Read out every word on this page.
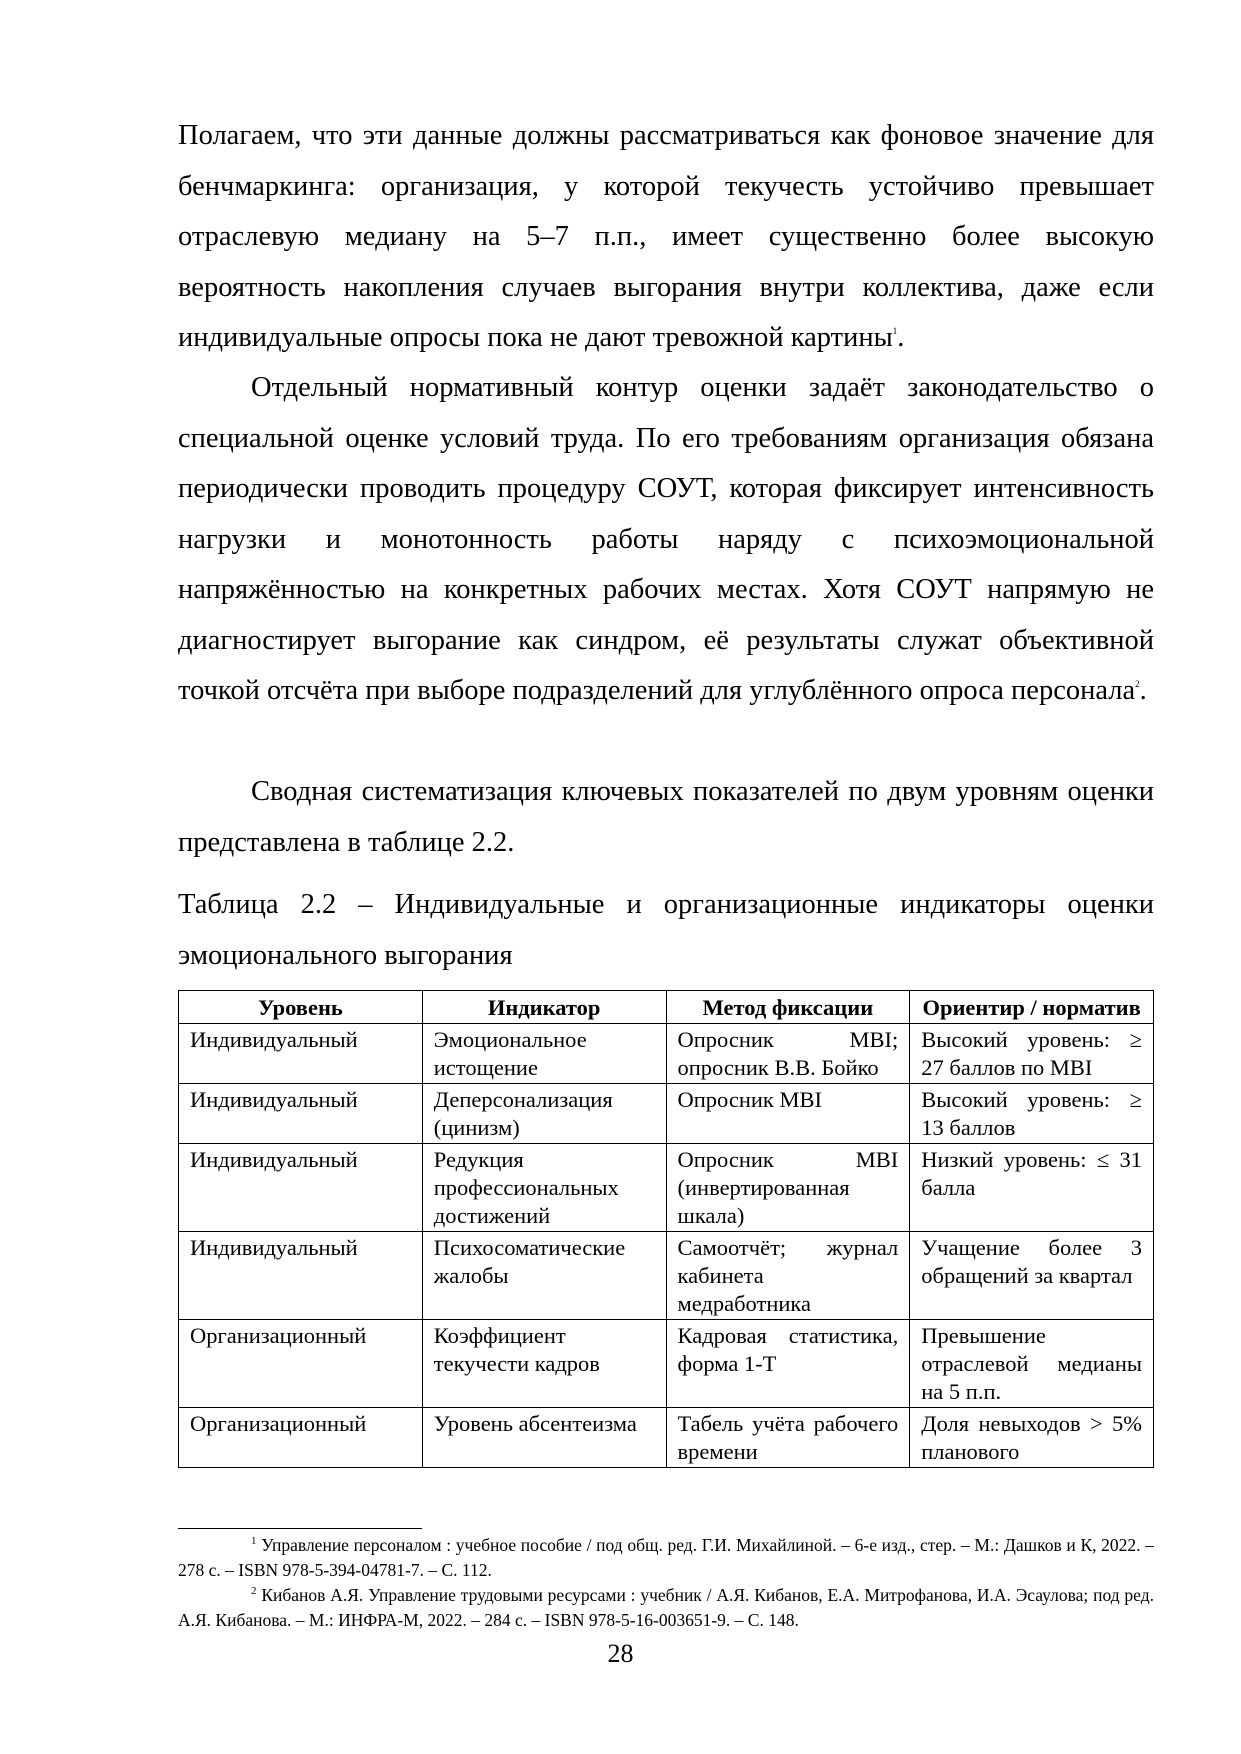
Полагаем, что эти данные должны рассматриваться как фоновое значение для бенчмаркинга: организация, у которой текучесть устойчиво превышает отраслевую медиану на 5–7 п.п., имеет существенно более высокую вероятность накопления случаев выгорания внутри коллектива, даже если индивидуальные опросы пока не дают тревожной картины$^1$.

Отдельный нормативный контур оценки задаёт законодательство о специальной оценке условий труда. По его требованиям организация обязана периодически проводить процедуру СОУТ, которая фиксирует интенсивность нагрузки и монотонность работы наряду с психоэмоциональной напряжённостью на конкретных рабочих местах. Хотя СОУТ напрямую не диагностирует выгорание как синдром, её результаты служат объективной точкой отсчёта при выборе подразделений для углублённого опроса персонала$^2$.

Сводная систематизация ключевых показателей по двум уровням оценки представлена в таблице 2.2.

Таблица 2.2 – Индивидуальные и организационные индикаторы оценки эмоционального выгорания

Уровень	Индикатор	Метод фиксации	Ориентир / норматив
Индивидуальный	Эмоциональное истощение	Опросник MBI; опросник В.В. Бойко	Высокий уровень: ≥ 27 баллов по MBI
Индивидуальный	Деперсонализация (цинизм)	Опросник MBI	Высокий уровень: ≥ 13 баллов
Индивидуальный	Редукция профессиональных достижений	Опросник MBI (инвертированная шкала)	Низкий уровень: ≤ 31 балла
Индивидуальный	Психосоматические жалобы	Самоотчёт; журнал кабинета медработника	Учащение более 3 обращений за квартал
Организационный	Коэффициент текучести кадров	Кадровая статистика, форма 1-Т	Превышение отраслевой медианы на 5 п.п.
Организационный	Уровень абсентеизма	Табель учёта рабочего времени	Доля невыходов > 5% планового

$^1$ Управление персоналом : учебное пособие / под общ. ред. Г.И. Михайлиной. – 6-е изд., стер. – М.: Дашков и К, 2022. – 278 с. – ISBN 978-5-394-04781-7. – С. 112.

$^2$ Кибанов А.Я. Управление трудовыми ресурсами : учебник / А.Я. Кибанов, Е.А. Митрофанова, И.А. Эсаулова; под ред. А.Я. Кибанова. – М.: ИНФРА-М, 2022. – 284 с. – ISBN 978-5-16-003651-9. – С. 148.

28
